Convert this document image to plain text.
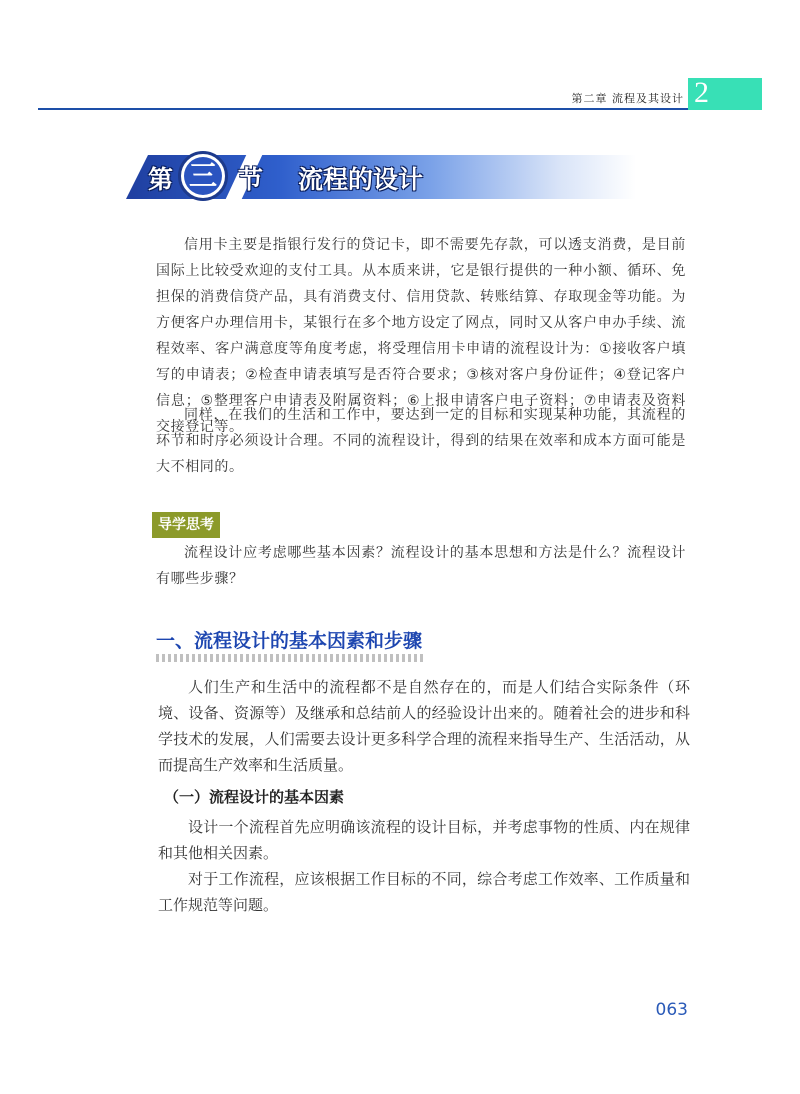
第二章 流程及其设计 2
第 三 节 流程的设计

信用卡主要是指银行发行的贷记卡，即不需要先存款，可以透支消费，是目前国际上比较受欢迎的支付工具。从本质来讲，它是银行提供的一种小额、循环、免担保的消费信贷产品，具有消费支付、信用贷款、转账结算、存取现金等功能。为方便客户办理信用卡，某银行在多个地方设定了网点，同时又从客户申办手续、流程效率、客户满意度等角度考虑，将受理信用卡申请的流程设计为：①接收客户填写的申请表；②检查申请表填写是否符合要求；③核对客户身份证件；④登记客户信息；⑤整理客户申请表及附属资料；⑥上报申请客户电子资料；⑦申请表及资料交接登记等。

同样，在我们的生活和工作中，要达到一定的目标和实现某种功能，其流程的环节和时序必须设计合理。不同的流程设计，得到的结果在效率和成本方面可能是大不相同的。

导学思考

流程设计应考虑哪些基本因素？流程设计的基本思想和方法是什么？流程设计有哪些步骤？

一、流程设计的基本因素和步骤

人们生产和生活中的流程都不是自然存在的，而是人们结合实际条件（环境、设备、资源等）及继承和总结前人的经验设计出来的。随着社会的进步和科学技术的发展，人们需要去设计更多科学合理的流程来指导生产、生活活动，从而提高生产效率和生活质量。

（一）流程设计的基本因素

设计一个流程首先应明确该流程的设计目标，并考虑事物的性质、内在规律和其他相关因素。

对于工作流程，应该根据工作目标的不同，综合考虑工作效率、工作质量和工作规范等问题。

063
